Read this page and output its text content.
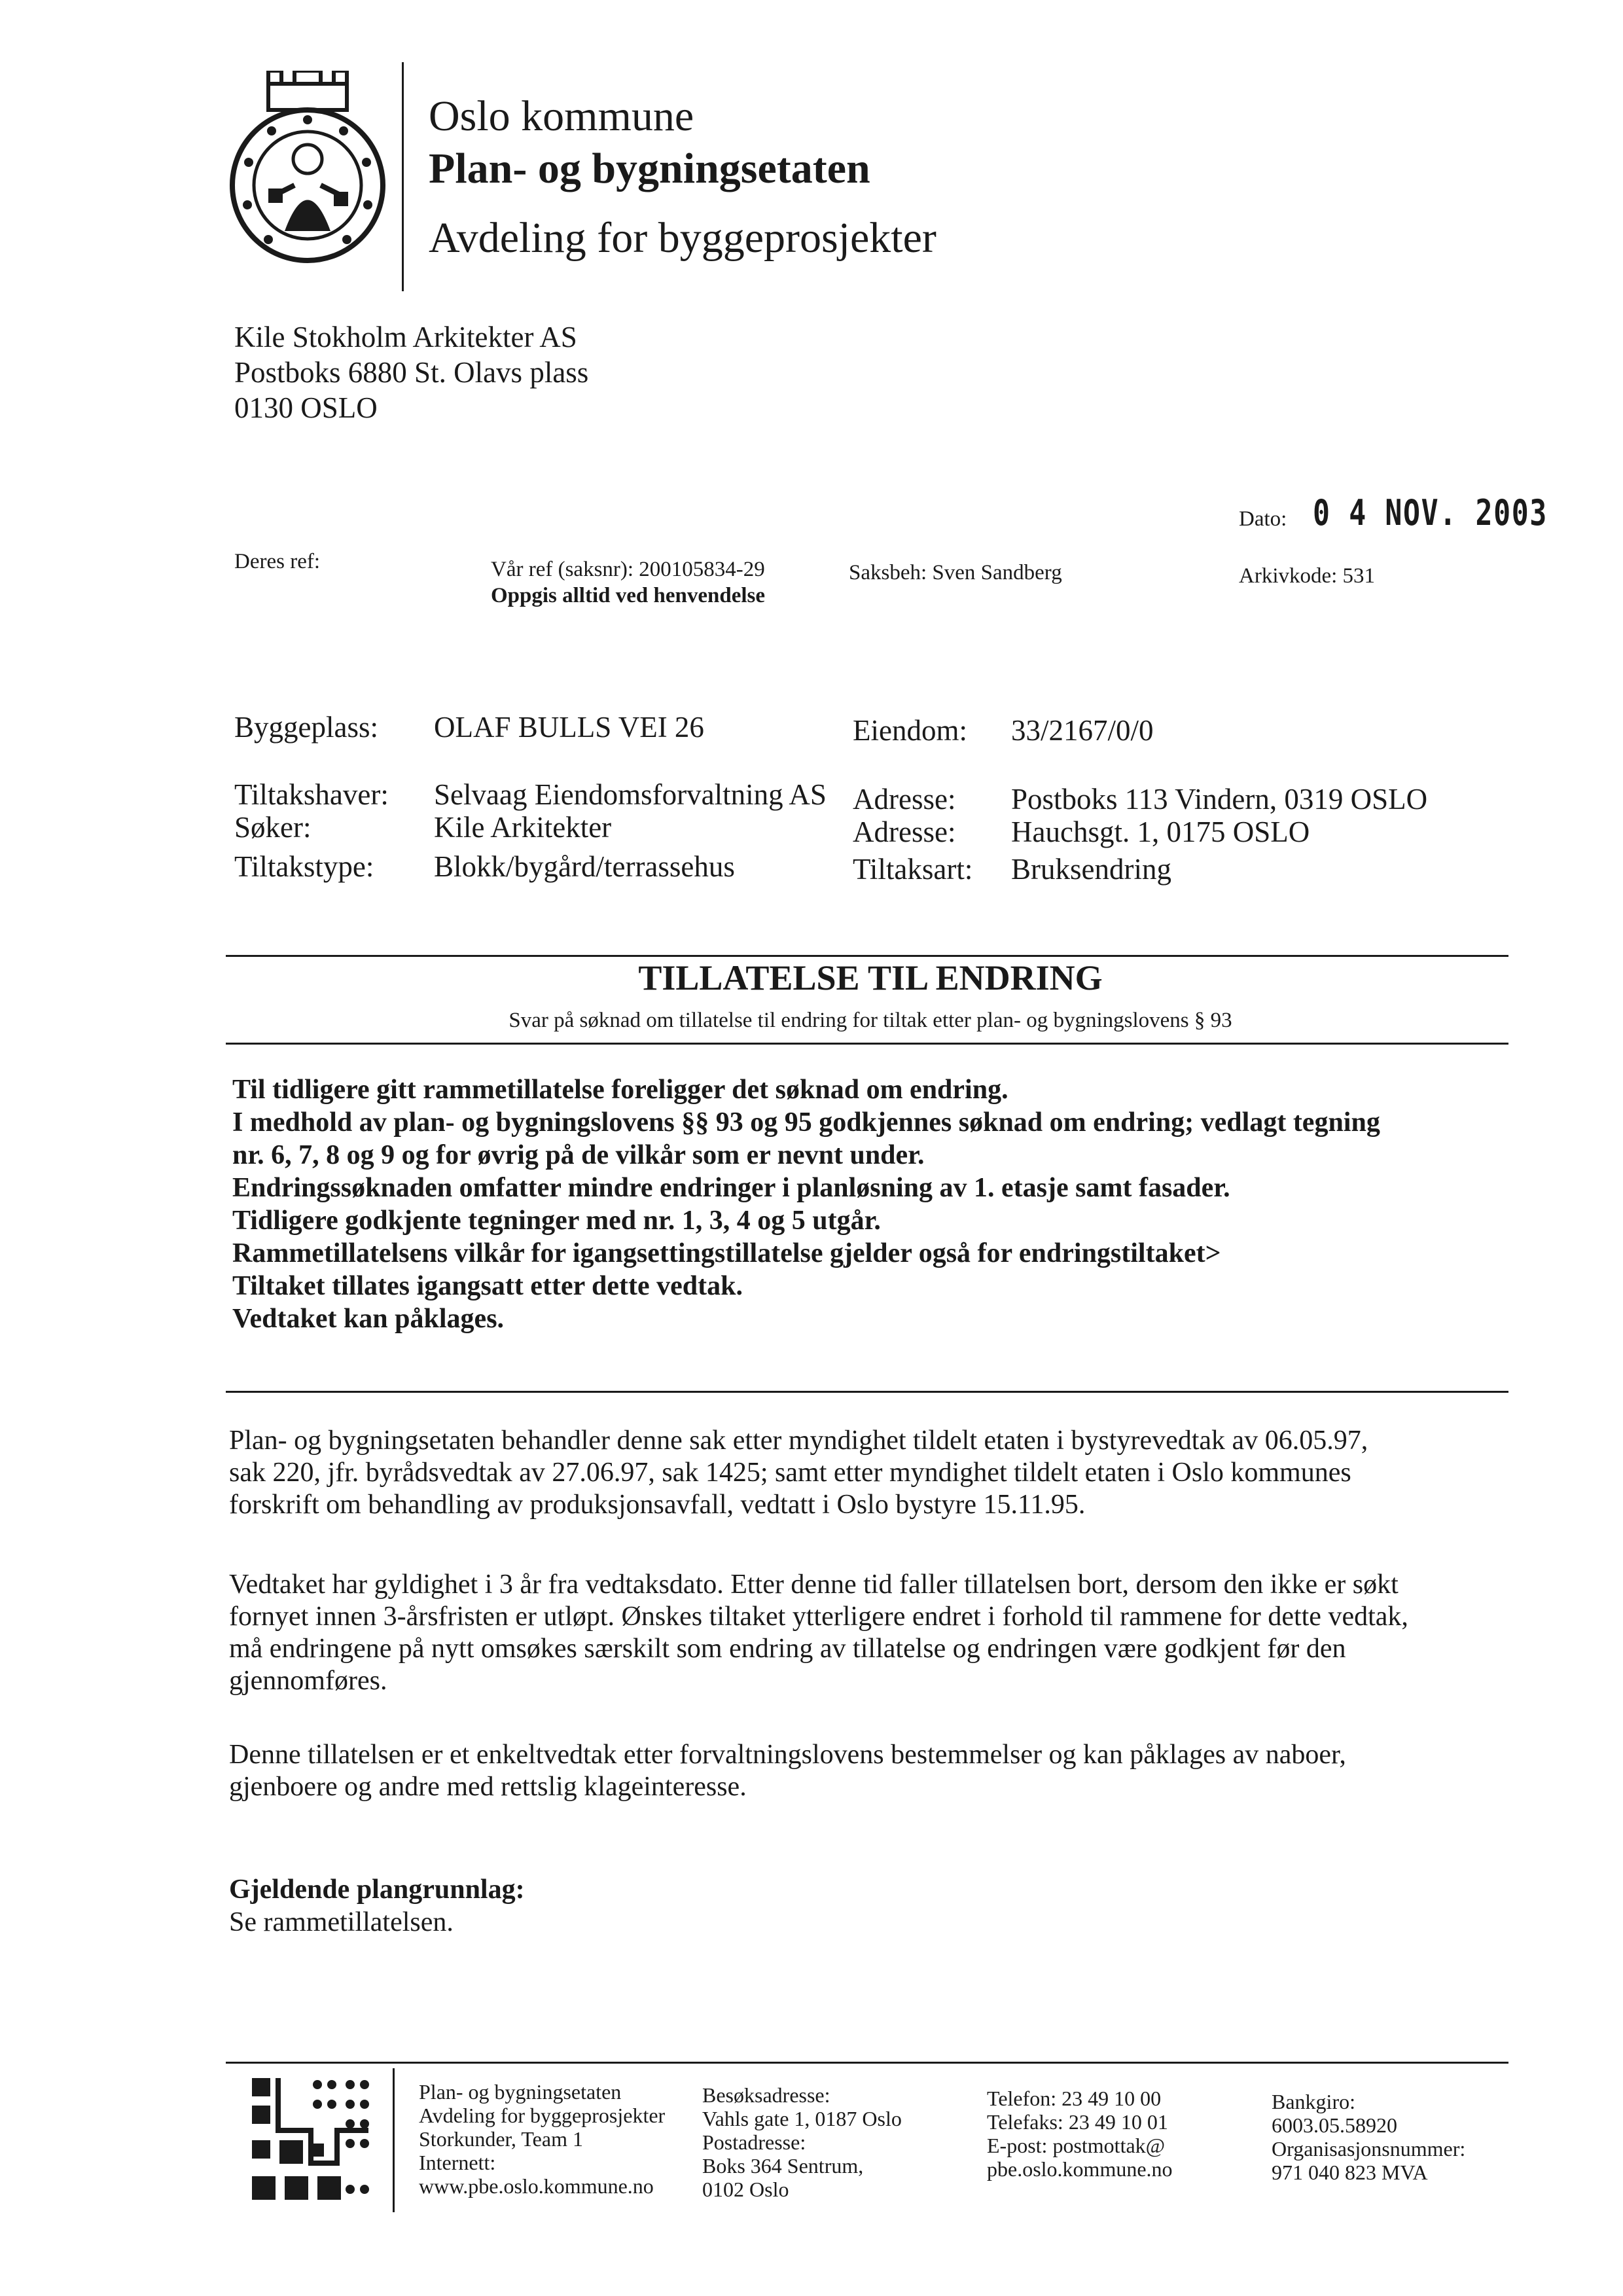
Oslo kommune
Plan- og bygningsetaten
Avdeling for byggeprosjekter
Kile Stokholm Arkitekter AS
Postboks 6880 St. Olavs plass
0130 OSLO
Dato: 0 4 NOV. 2003
Deres ref:	Vår ref (saksnr): 200105834-29
Oppgis alltid ved henvendelse
Saksbeh: Sven Sandberg	Arkivkode: 531
Byggeplass: OLAF BULLS VEI 26	Eiendom: 33/2167/0/0
Tiltakshaver: Selvaag Eiendomsforvaltning AS Adresse: Postboks 113 Vindern, 0319 OSLO
Søker:	Kile Arkitekter	Adresse: Hauchsgt. 1, 0175 OSLO
Tiltakstype: Blokk/bygård/terrassehus	Tiltaksart: Bruksendring
TILLATELSE TIL ENDRING
Svar på søknad om tillatelse til endring for tiltak etter plan- og bygningslovens § 93
Til tidligere gitt rammetillatelse foreligger det søknad om endring.
I medhold av plan- og bygningslovens §§ 93 og 95 godkjennes søknad om endring; vedlagt tegning
nr. 6, 7, 8 og 9 og for øvrig på de vilkår som er nevnt under.
Endringssøknaden omfatter mindre endringer i planløsning av 1. etasje samt fasader.
Tidligere godkjente tegninger med nr. 1, 3, 4 og 5 utgår.
Rammetillatelsens vilkår for igangsettingstillatelse gjelder også for endringstiltaket>
Tiltaket tillates igangsatt etter dette vedtak.
Vedtaket kan påklages.
Plan- og bygningsetaten behandler denne sak etter myndighet tildelt etaten i bystyrevedtak av 06.05.97,
sak 220, jfr. byrådsvedtak av 27.06.97, sak 1425; samt etter myndighet tildelt etaten i Oslo kommunes
forskrift om behandling av produksjonsavfall, vedtatt i Oslo bystyre 15.11.95.
Vedtaket har gyldighet i 3 år fra vedtaksdato. Etter denne tid faller tillatelsen bort, dersom den ikke er søkt
fornyet innen 3-årsfristen er utløpt. Ønskes tiltaket ytterligere endret i forhold til rammene for dette vedtak,
må endringene på nytt omsøkes særskilt som endring av tillatelse og endringen være godkjent før den
gjennomføres.
Denne tillatelsen er et enkeltvedtak etter forvaltningslovens bestemmelser og kan påklages av naboer,
gjenboere og andre med rettslig klageinteresse.
Gjeldende plangrunnlag:
Se rammetillatelsen.
Plan- og bygningsetaten
Avdeling for byggeprosjekter
Storkunder, Team 1
Internett:
www.pbe.oslo.kommune.no
Besøksadresse:
Vahls gate 1, 0187 Oslo
Postadresse:
Boks 364 Sentrum,
0102 Oslo
Telefon: 23 49 10 00
Telefaks: 23 49 10 01
E-post: postmottak@
pbe.oslo.kommune.no
Bankgiro:
6003.05.58920
Organisasjonsnummer:
971 040 823 MVA
